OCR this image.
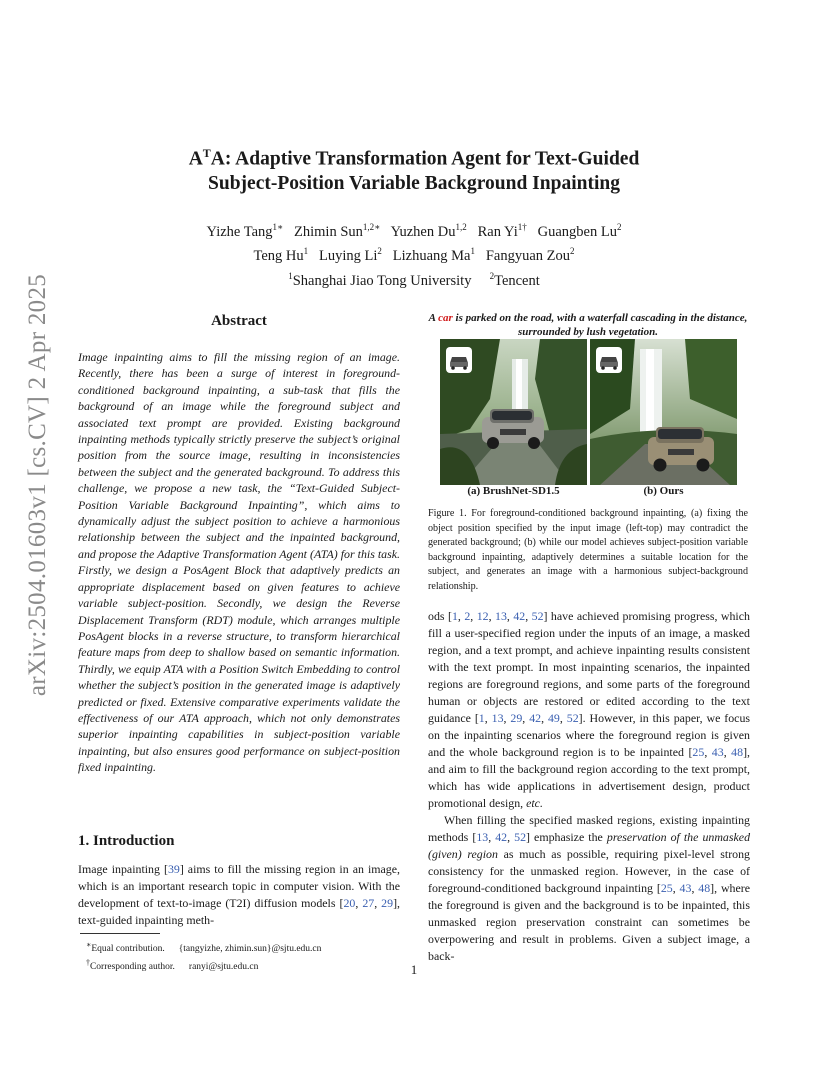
arXiv:2504.01603v1 [cs.CV] 2 Apr 2025
$A^TA$: Adaptive Transformation Agent for Text-Guided
Subject-Position Variable Background Inpainting
Yizhe Tang$^{1∗}$ Zhimin Sun$^{1,2∗}$ Yuzhen Du$^{1,2}$ Ran $Yi^{1\dagger}$ Guangben Lu$^2$
Teng Hu$^1$ Luying Li$^2$ Lizhuang Ma$^1$ Fangyuan Zou$^2$
$^1$Shanghai Jiao Tong University $^2$Tencent
Abstract
Image inpainting aims to fill the missing region of an image. Recently, there has been a surge of interest in foreground-conditioned background inpainting, a sub-task that fills the background of an image while the foreground subject and associated text prompt are provided. Existing background inpainting methods typically strictly preserve the subject’s original position from the source image, resulting in inconsistencies between the subject and the generated background. To address this challenge, we propose a new task, the “Text-Guided Subject-Position Variable Background Inpainting”, which aims to dynamically adjust the subject position to achieve a harmonious relationship between the subject and the inpainted background, and propose the Adaptive Transformation Agent (ATA) for this task. Firstly, we design a PosAgent Block that adaptively predicts an appropriate displacement based on given features to achieve variable subject-position. Secondly, we design the Reverse Displacement Transform (RDT) module, which arranges multiple PosAgent blocks in a reverse structure, to transform hierarchical feature maps from deep to shallow based on semantic information. Thirdly, we equip ATA with a Position Switch Embedding to control whether the subject’s position in the generated image is adaptively predicted or fixed. Extensive comparative experiments validate the effectiveness of our ATA approach, which not only demonstrates superior inpainting capabilities in subject-position variable inpainting, but also ensures good performance on subject-position fixed inpainting.
1. Introduction
Image inpainting [39] aims to fill the missing region in an image, which is an important research topic in computer vision. With the development of text-to-image (T2I) diffusion models [20, 27, 29], text-guided inpainting meth-
∗Equal contribution. {tangyizhe, zhimin.sun}@sjtu.edu.cn
†Corresponding author. ranyi@sjtu.edu.cn
A car is parked on the road, with a waterfall cascading in the distance, surrounded by lush vegetation.
(a) BrushNet-SD1.5	(b) Ours
Figure 1. For foreground-conditioned background inpainting, (a) fixing the object position specified by the input image (left-top) may contradict the generated background; (b) while our model achieves subject-position variable background inpainting, adaptively determines a suitable location for the subject, and generates an image with a harmonious subject-background relationship.

ods [1, 2, 12, 13, 42, 52] have achieved promising progress, which fill a user-specified region under the inputs of an image, a masked region, and a text prompt, and achieve inpainting results consistent with the text prompt. In most inpainting scenarios, the inpainted regions are foreground regions, and some parts of the foreground human or objects are restored or edited according to the text guidance [1, 13, 29, 42, 49, 52]. However, in this paper, we focus on the inpainting scenarios where the foreground region is given and the whole background region is to be inpainted [25, 43, 48], and aim to fill the background region according to the text prompt, which has wide applications in advertisement design, product promotional design, etc.

When filling the specified masked regions, existing inpainting methods [13, 42, 52] emphasize the preservation of the unmasked (given) region as much as possible, requiring pixel-level strong consistency for the unmasked region. However, in the case of foreground-conditioned background inpainting [25, 43, 48], where the foreground is given and the background is to be inpainted, this unmasked region preservation constraint can sometimes be overpowering and result in problems. Given a subject image, a back-

1
